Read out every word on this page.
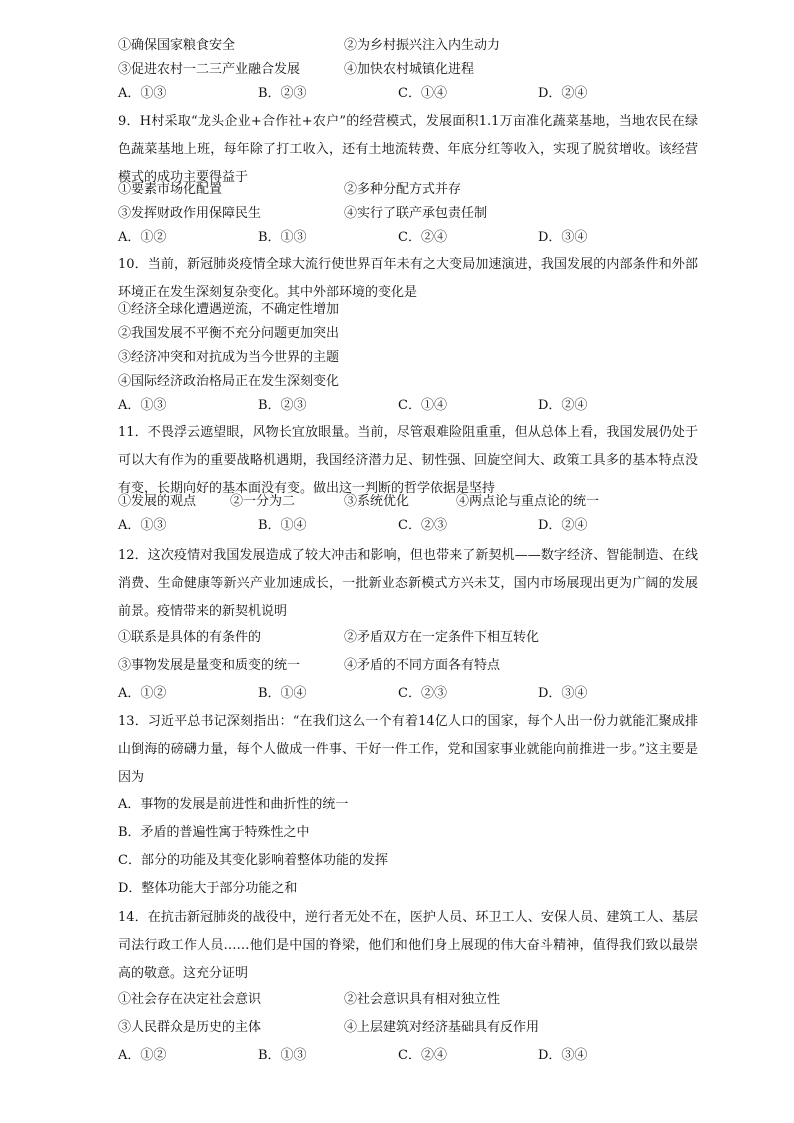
①确保国家粮食安全	②为乡村振兴注入内生动力
③促进农村一二三产业融合发展	④加快农村城镇化进程
A．①③	B．②③	C．①④	D．②④
9．H村采取“龙头企业+合作社+农户”的经营模式，发展面积1.1万亩准化蔬菜基地，当地农民在绿色蔬菜基地上班，每年除了打工收入，还有土地流转费、年底分红等收入，实现了脱贫增收。该经营模式的成功主要得益于
①要素市场化配置	②多种分配方式并存
③发挥财政作用保障民生	④实行了联产承包责任制
A．①②	B．①③	C．②④	D．③④
10．当前，新冠肺炎疫情全球大流行使世界百年未有之大变局加速演进，我国发展的内部条件和外部环境正在发生深刻复杂变化。其中外部环境的变化是
①经济全球化遭遇逆流，不确定性增加
②我国发展不平衡不充分问题更加突出
③经济冲突和对抗成为当今世界的主题
④国际经济政治格局正在发生深刻变化
A．①③	B．②③	C．①④	D．②④
11．不畏浮云遮望眼，风物长宜放眼量。当前，尽管艰难险阻重重，但从总体上看，我国发展仍处于可以大有作为的重要战略机遇期，我国经济潜力足、韧性强、回旋空间大、政策工具多的基本特点没有变，长期向好的基本面没有变。做出这一判断的哲学依据是坚持
①发展的观点	②一分为二	③系统优化	④两点论与重点论的统一
A．①③	B．①④	C．②③	D．②④
12．这次疫情对我国发展造成了较大冲击和影响，但也带来了新契机——数字经济、智能制造、在线消费、生命健康等新兴产业加速成长，一批新业态新模式方兴未艾，国内市场展现出更为广阔的发展前景。疫情带来的新契机说明
①联系是具体的有条件的	②矛盾双方在一定条件下相互转化
③事物发展是量变和质变的统一	④矛盾的不同方面各有特点
A．①②	B．①④	C．②③	D．③④
13．习近平总书记深刻指出：“在我们这么一个有着14亿人口的国家，每个人出一份力就能汇聚成排山倒海的磅礴力量，每个人做成一件事、干好一件工作，党和国家事业就能向前推进一步。”这主要是因为
A．事物的发展是前进性和曲折性的统一
B．矛盾的普遍性寓于特殊性之中
C．部分的功能及其变化影响着整体功能的发挥
D．整体功能大于部分功能之和
14．在抗击新冠肺炎的战役中，逆行者无处不在，医护人员、环卫工人、安保人员、建筑工人、基层司法行政工作人员……他们是中国的脊梁，他们和他们身上展现的伟大奋斗精神，值得我们致以最崇高的敬意。这充分证明
①社会存在决定社会意识	②社会意识具有相对独立性
③人民群众是历史的主体	④上层建筑对经济基础具有反作用
A．①②	B．①③	C．②④	D．③④
